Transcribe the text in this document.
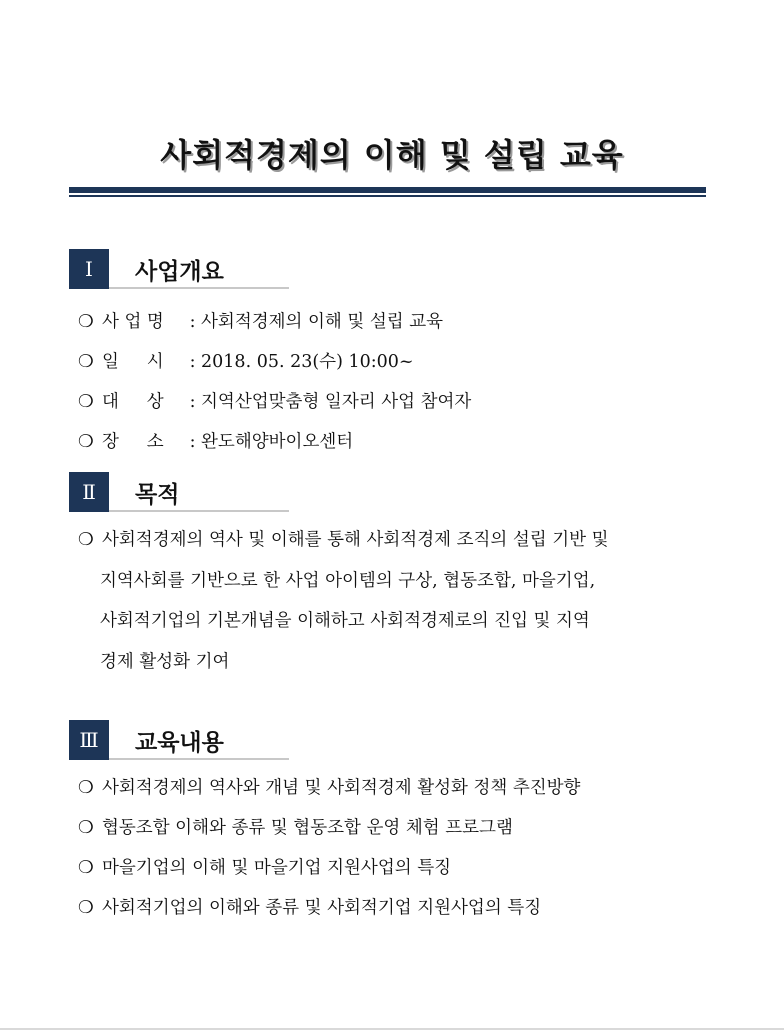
사회적경제의 이해 및 설립 교육
Ⅰ	사업개요
❍ 사 업 명 : 사회적경제의 이해 및 설립 교육
❍ 일     시 : 2018. 05. 23(수) 10:00~
❍ 대     상 : 지역산업맞춤형 일자리 사업 참여자
❍ 장     소 : 완도해양바이오센터
Ⅱ	목적
❍ 사회적경제의 역사 및 이해를 통해 사회적경제 조직의 설립 기반 및
지역사회를 기반으로 한 사업 아이템의 구상, 협동조합, 마을기업,
사회적기업의 기본개념을 이해하고 사회적경제로의 진입 및 지역
경제 활성화 기여
Ⅲ	교육내용
❍ 사회적경제의 역사와 개념 및 사회적경제 활성화 정책 추진방향
❍ 협동조합 이해와 종류 및 협동조합 운영 체험 프로그램
❍ 마을기업의 이해 및 마을기업 지원사업의 특징
❍ 사회적기업의 이해와 종류 및 사회적기업 지원사업의 특징
